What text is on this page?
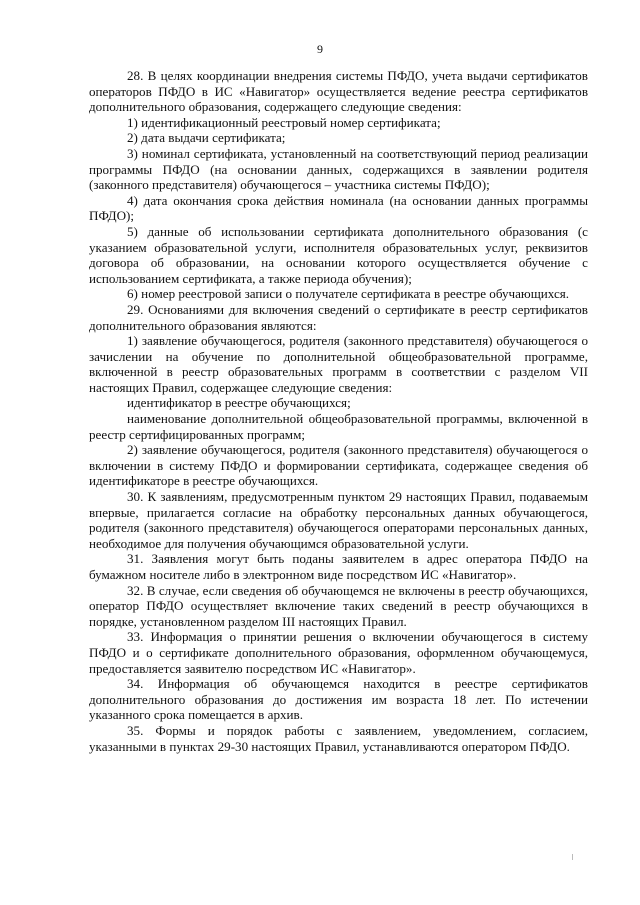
9

28. В целях координации внедрения системы ПФДО, учета выдачи сертификатов операторов ПФДО в ИС «Навигатор» осуществляется ведение реестра сертификатов дополнительного образования, содержащего следующие сведения:

1) идентификационный реестровый номер сертификата;

2) дата выдачи сертификата;

3) номинал сертификата, установленный на соответствующий период реализации программы ПФДО (на основании данных, содержащихся в заявлении родителя (законного представителя) обучающегося – участника системы ПФДО);

4) дата окончания срока действия номинала (на основании данных программы ПФДО);

5) данные об использовании сертификата дополнительного образования (с указанием образовательной услуги, исполнителя образовательных услуг, реквизитов договора об образовании, на основании которого осуществляется обучение с использованием сертификата, а также периода обучения);

6) номер реестровой записи о получателе сертификата в реестре обучающихся.

29. Основаниями для включения сведений о сертификате в реестр сертификатов дополнительного образования являются:

1) заявление обучающегося, родителя (законного представителя) обучающегося о зачислении на обучение по дополнительной общеобразовательной программе, включенной в реестр образовательных программ в соответствии с разделом VII настоящих Правил, содержащее следующие сведения:

идентификатор в реестре обучающихся;

наименование дополнительной общеобразовательной программы, включенной в реестр сертифицированных программ;

2) заявление обучающегося, родителя (законного представителя) обучающегося о включении в систему ПФДО и формировании сертификата, содержащее сведения об идентификаторе в реестре обучающихся.

30. К заявлениям, предусмотренным пунктом 29 настоящих Правил, подаваемым впервые, прилагается согласие на обработку персональных данных обучающегося, родителя (законного представителя) обучающегося операторами персональных данных, необходимое для получения обучающимся образовательной услуги.

31. Заявления могут быть поданы заявителем в адрес оператора ПФДО на бумажном носителе либо в электронном виде посредством ИС «Навигатор».

32. В случае, если сведения об обучающемся не включены в реестр обучающихся, оператор ПФДО осуществляет включение таких сведений в реестр обучающихся в порядке, установленном разделом III настоящих Правил.

33. Информация о принятии решения о включении обучающегося в систему ПФДО и о сертификате дополнительного образования, оформленном обучающемуся, предоставляется заявителю посредством ИС «Навигатор».

34. Информация об обучающемся находится в реестре сертификатов дополнительного образования до достижения им возраста 18 лет. По истечении указанного срока помещается в архив.

35. Формы и порядок работы с заявлением, уведомлением, согласием, указанными в пунктах 29-30 настоящих Правил, устанавливаются оператором ПФДО.
